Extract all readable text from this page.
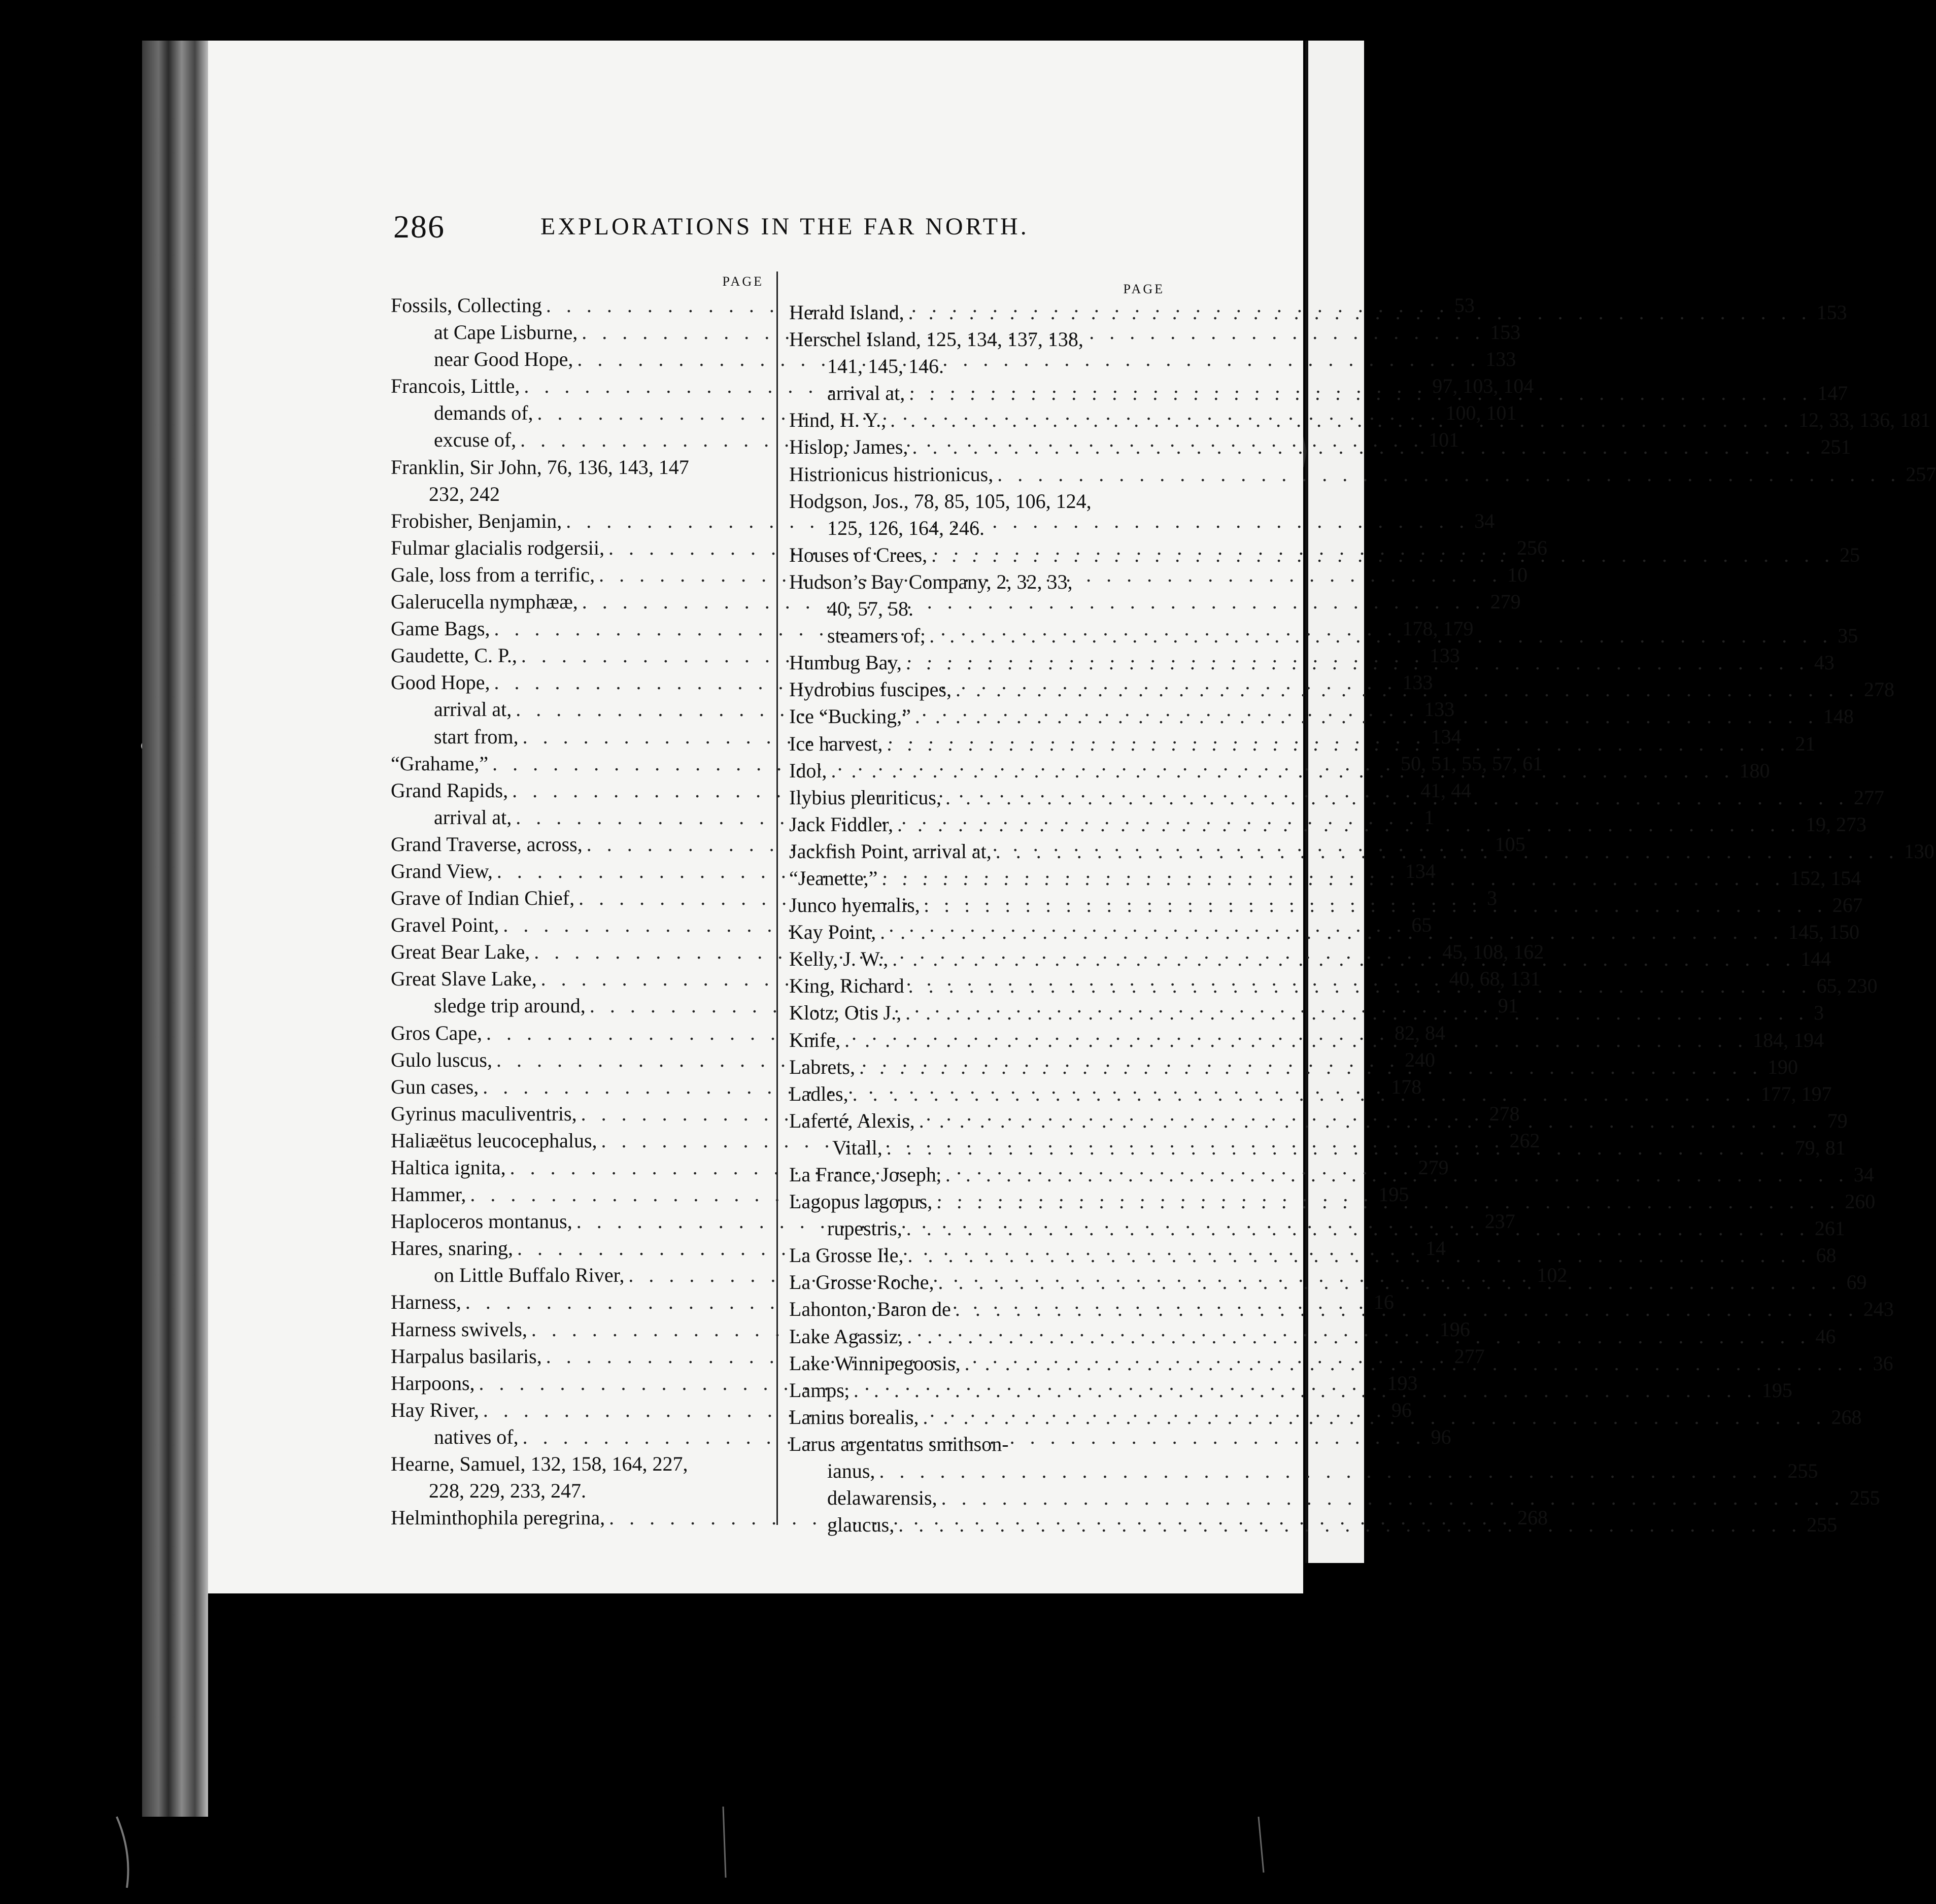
286	EXPLORATIONS IN THE FAR NORTH.
PAGE
Fossils, Collecting . . .	53
at Cape Lisburne, . . .	153
near Good Hope, . . .	133
Francois, Little, . . .	97, 103, 104
demands of, . . .	100, 101
excuse of, . . .	101
Franklin, Sir John, 76, 136, 143, 147
232, 242
Frobisher, Benjamin, . . .	34
Fulmar glacialis rodgersii, . . .	256
Gale, loss from a terrific, . . .	10
Galerucella nymphææ, . . .	279
Game Bags, . . .	178, 179
Gaudette, C. P., . . .	133
Good Hope, . . .	133
arrival at, . . .	133
start from, . . .	134
“Grahame,” . . .	50, 51, 55, 57, 61
Grand Rapids, . . .	41, 44
arrival at, . . .	1
Grand Traverse, across, . . .	105
Grand View, . . .	134
Grave of Indian Chief, . . .	3
Gravel Point, . . .	65
Great Bear Lake, . . .	45, 108, 162
Great Slave Lake, . . .	40, 68, 131
sledge trip around, . . .	91
Gros Cape, . . .	82, 84
Gulo luscus, . . .	240
Gun cases, . . .	178
Gyrinus maculiventris, . . .	278
Haliæëtus leucocephalus, . . .	262
Haltica ignita, . . .	279
Hammer, . . .	195
Haploceros montanus, . . .	237
Hares, snaring, . . .	14
on Little Buffalo River, . . .	102
Harness, . . .	16
Harness swivels, . . .	196
Harpalus basilaris, . . .	277
Harpoons, . . .	193
Hay River, . . .	96
natives of, . . .	96
Hearne, Samuel, 132, 158, 164, 227,
228, 229, 233, 247.
Helminthophila peregrina, . . .	268
PAGE
Herald Island, . . .	153
Herschel Island, 125, 134, 137, 138,
141, 145, 146.
arrival at, . . .	147
Hind, H. Y., . . .	12, 33, 136, 181
Hislop, James, . . .	251
Histrionicus histrionicus, . . .	257
Hodgson, Jos., 78, 85, 105, 106, 124,
125, 126, 164, 246.
Houses of Crees, . . .	25
Hudson’s Bay Company, 2, 32, 33,
40, 57, 58.
steamers of, . . .	35
Humbug Bay, . . .	43
Hydrobius fuscipes, . . .	278
Ice “Bucking,” . . .	148
Ice harvest, . . .	21
Idol, . . .	180
Ilybius pleuriticus, . . .	277
Jack Fiddler, . . .	19, 273
Jackfish Point, arrival at, . . .	130
“Jeanette,” . . .	152, 154
Junco hyemalis, . . .	267
Kay Point, . . .	145, 150
Kelly, J. W., . . .	144
King, Richard . . .	65, 230
Klotz, Otis J., . . .	3
Knife, . . .	184, 194
Labrets, . . .	190
Ladles, . . .	177, 197
Laferté, Alexis, . . .	79
Vitall, . . .	79, 81
La France, Joseph, . . .	34
Lagopus lagopus, . . .	260
rupestris, . . .	261
La Grosse Ile, . . .	68
La Grosse Roche, . . .	69
Lahonton, Baron de . . .	243
Lake Agassiz, . . .	46
Lake Winnipegoosis, . . .	36
Lamps, . . .	195
Lanius borealis, . . .	268
Larus argentatus smithson-
ianus, . . .	255
delawarensis, . . .	255
glaucus, . . .	255
